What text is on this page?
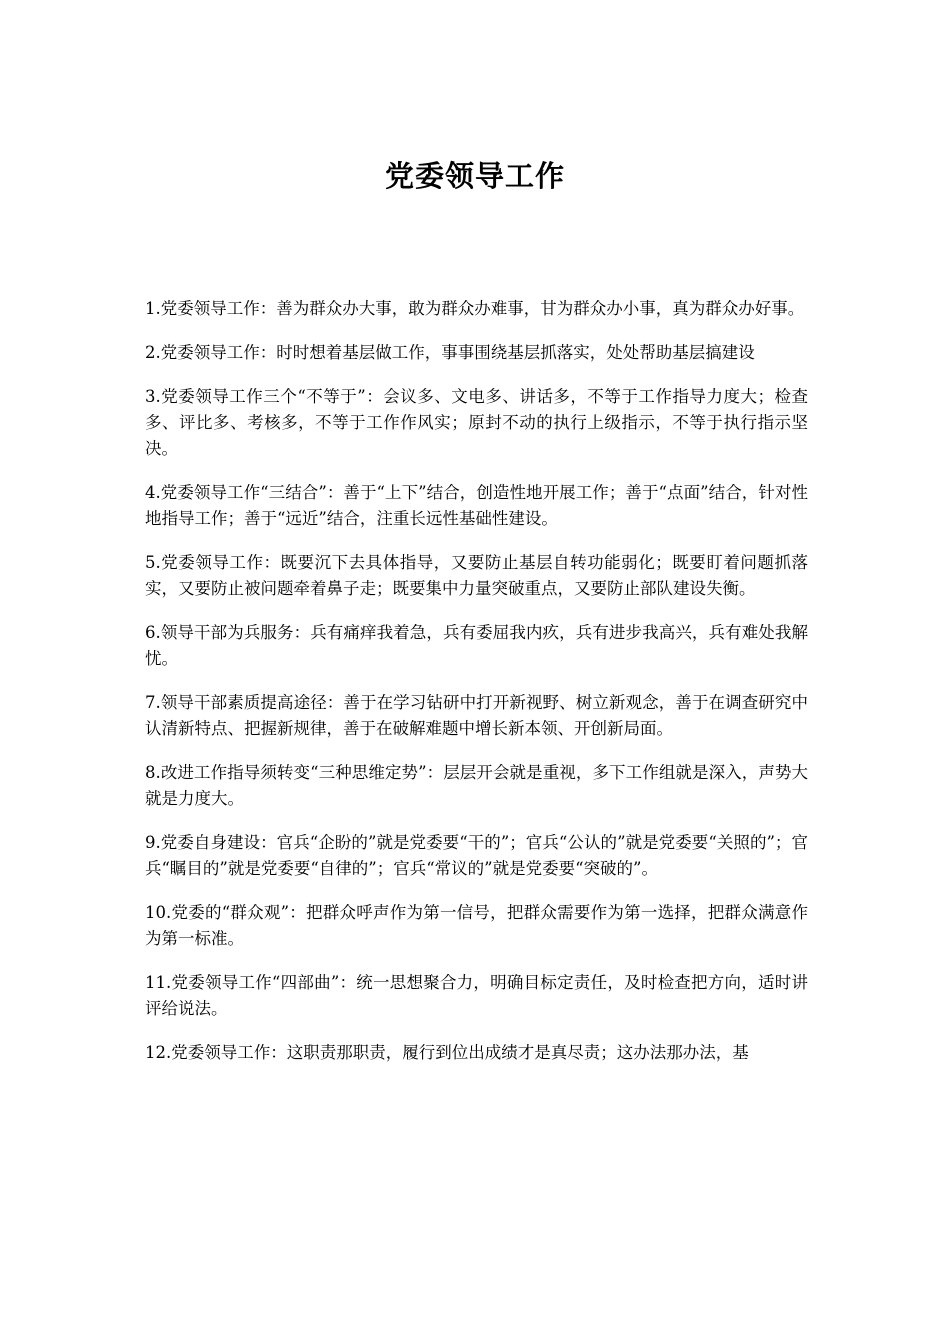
党委领导工作

1.党委领导工作：善为群众办大事，敢为群众办难事，甘为群众办小事，真为群众办好事。

2.党委领导工作：时时想着基层做工作，事事围绕基层抓落实，处处帮助基层搞建设

3.党委领导工作三个“不等于”：会议多、文电多、讲话多，不等于工作指导力度大；检查多、评比多、考核多，不等于工作作风实；原封不动的执行上级指示，不等于执行指示坚决。

4.党委领导工作“三结合”：善于“上下”结合，创造性地开展工作；善于“点面”结合，针对性地指导工作；善于“远近”结合，注重长远性基础性建设。

5.党委领导工作：既要沉下去具体指导，又要防止基层自转功能弱化；既要盯着问题抓落实，又要防止被问题牵着鼻子走；既要集中力量突破重点，又要防止部队建设失衡。

6.领导干部为兵服务：兵有痛痒我着急，兵有委屈我内疚，兵有进步我高兴，兵有难处我解忧。

7.领导干部素质提高途径：善于在学习钻研中打开新视野、树立新观念，善于在调查研究中认清新特点、把握新规律，善于在破解难题中增长新本领、开创新局面。

8.改进工作指导须转变“三种思维定势”：层层开会就是重视，多下工作组就是深入，声势大就是力度大。

9.党委自身建设：官兵“企盼的”就是党委要“干的”；官兵“公认的”就是党委要“关照的”；官兵“瞩目的”就是党委要“自律的”；官兵“常议的”就是党委要“突破的”。

10.党委的“群众观”：把群众呼声作为第一信号，把群众需要作为第一选择，把群众满意作为第一标准。

11.党委领导工作“四部曲”：统一思想聚合力，明确目标定责任，及时检查把方向，适时讲评给说法。

12.党委领导工作：这职责那职责，履行到位出成绩才是真尽责；这办法那办法，基
